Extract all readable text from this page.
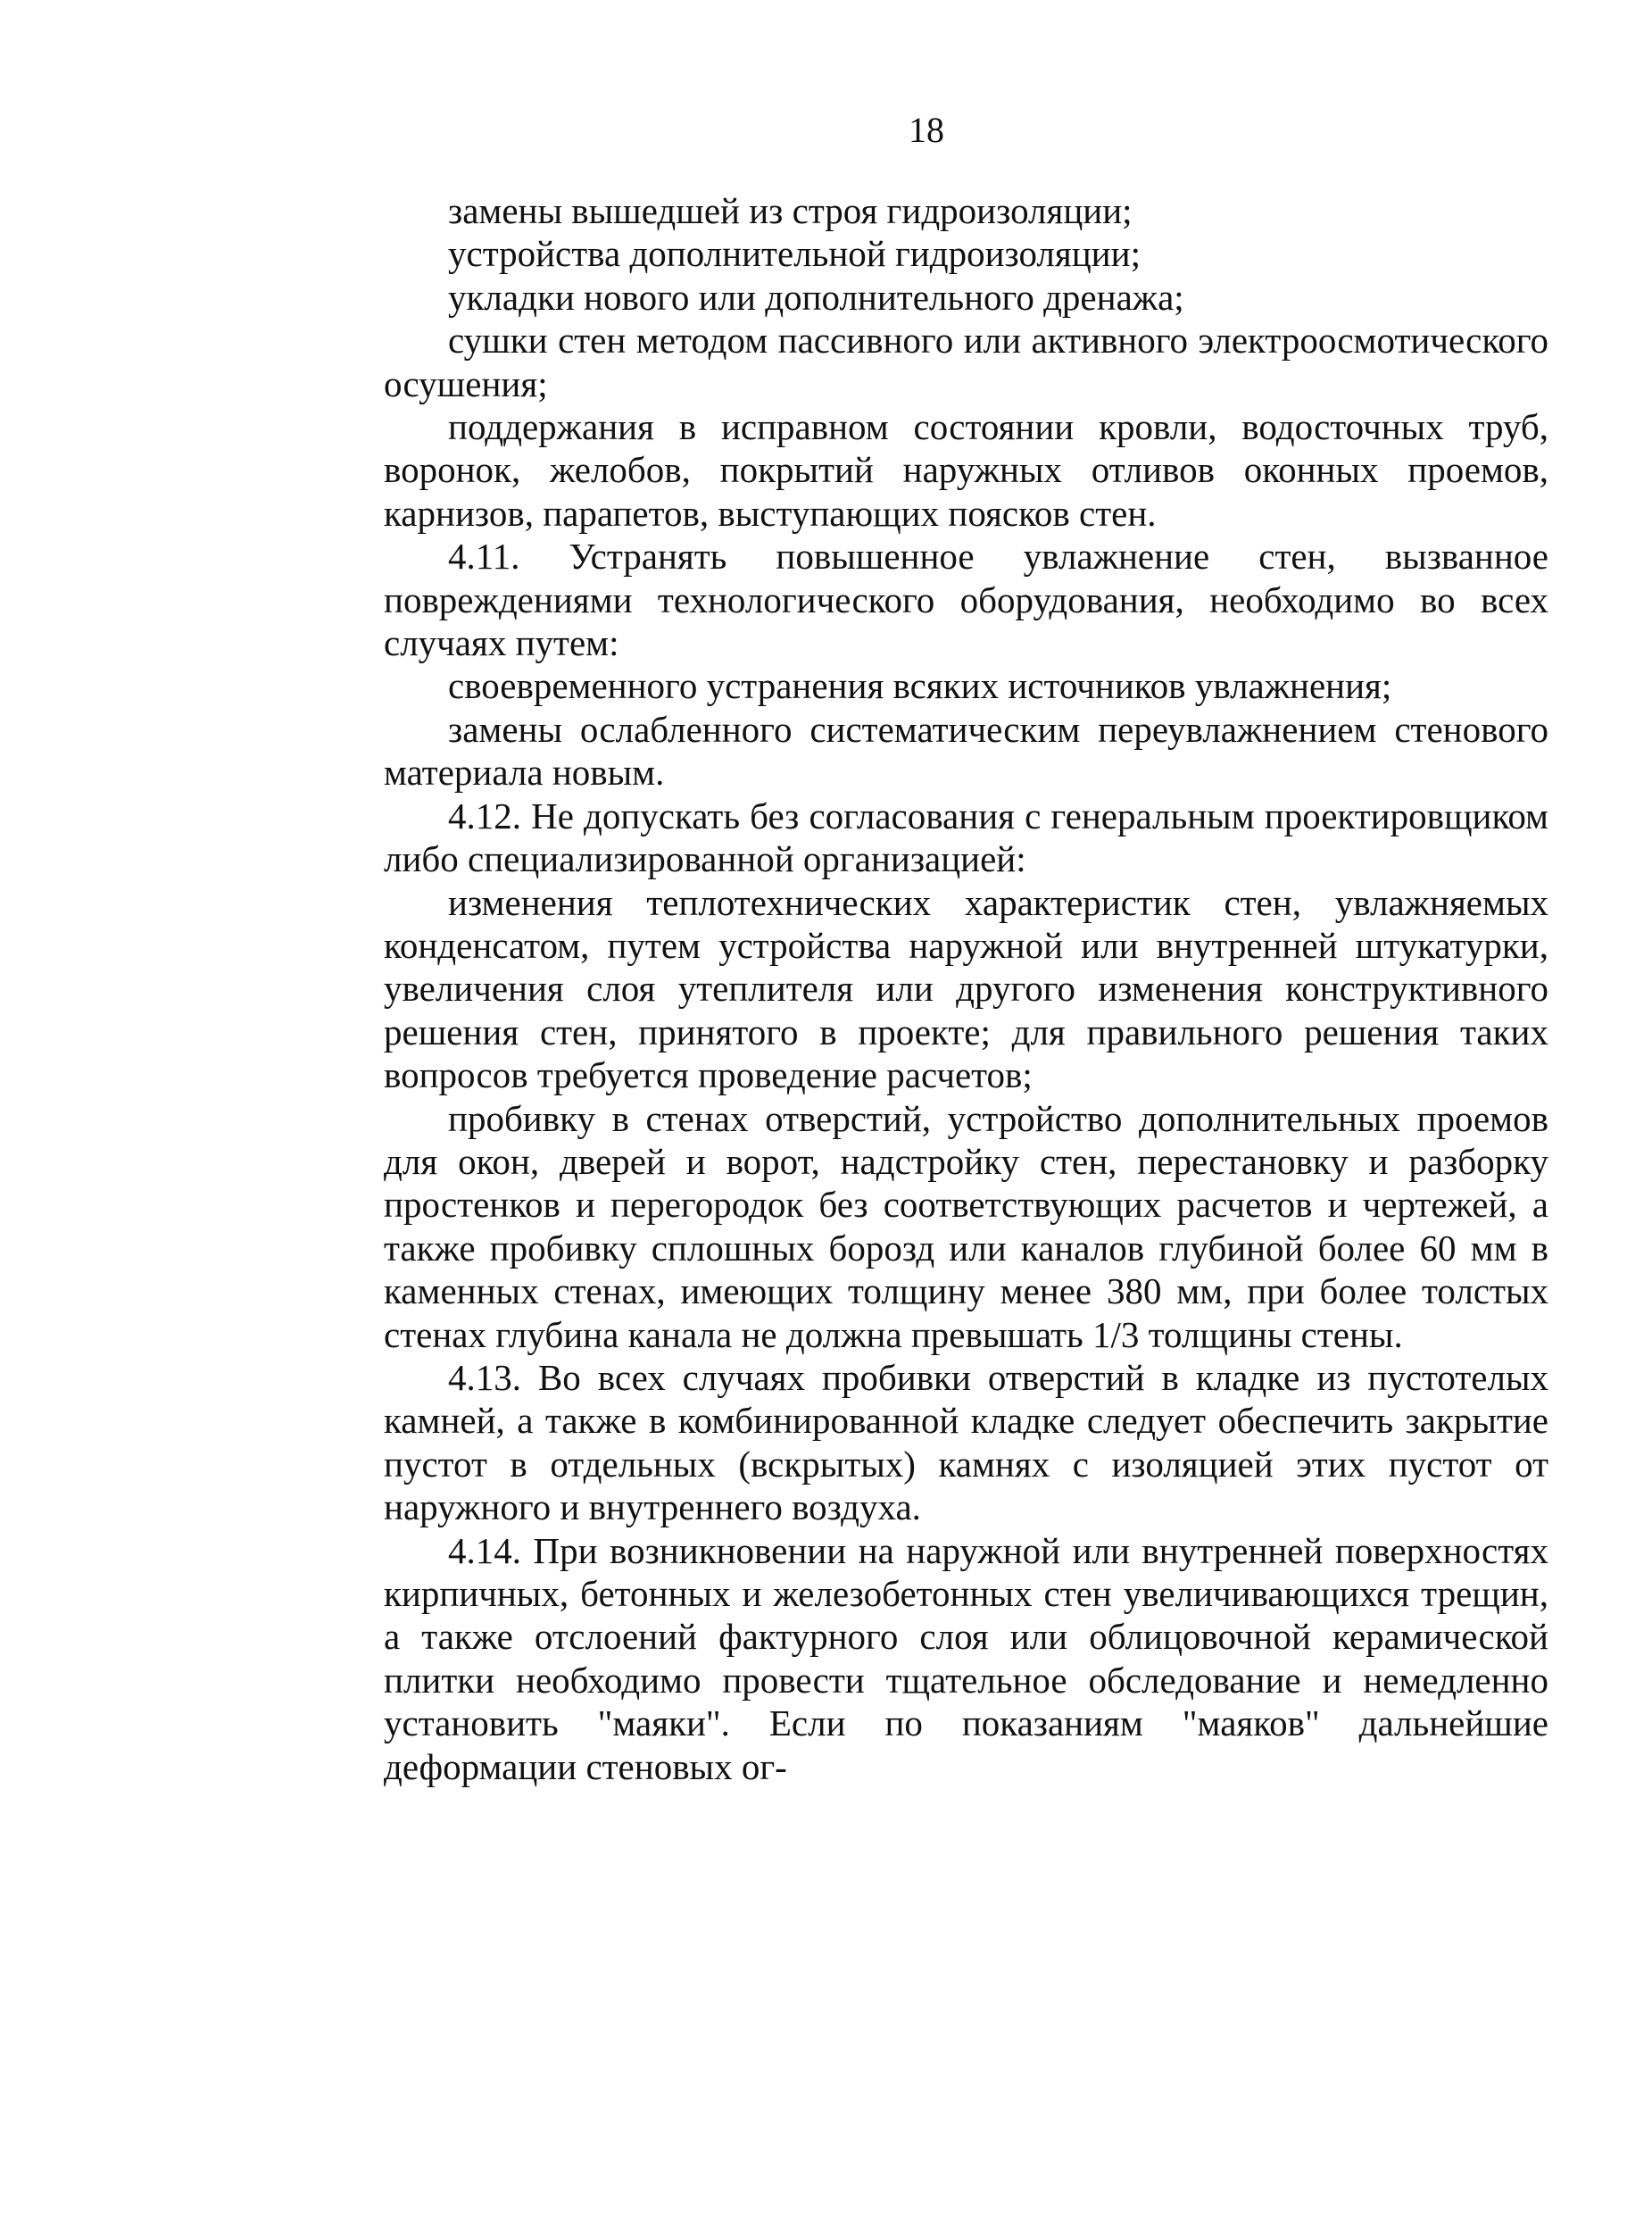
18

замены вышедшей из строя гидроизоляции;

устройства дополнительной гидроизоляции;

укладки нового или дополнительного дренажа;

сушки стен методом пассивного или активного электроосмотического осушения;

поддержания в исправном состоянии кровли, водосточных труб, воронок, желобов, покрытий наружных отливов оконных проемов, карнизов, парапетов, выступающих поясков стен.

4.11. Устранять повышенное увлажнение стен, вызванное повреждениями технологического оборудования, необходимо во всех случаях путем:

своевременного устранения всяких источников увлажнения;

замены ослабленного систематическим переувлажнением стенового материала новым.

4.12. Не допускать без согласования с генеральным проектировщиком либо специализированной организацией:

изменения теплотехнических характеристик стен, увлажняемых конденсатом, путем устройства наружной или внутренней штукатурки, увеличения слоя утеплителя или другого изменения конструктивного решения стен, принятого в проекте; для правильного решения таких вопросов требуется проведение расчетов;

пробивку в стенах отверстий, устройство дополнительных проемов для окон, дверей и ворот, надстройку стен, перестановку и разборку простенков и перегородок без соответствующих расчетов и чертежей, а также пробивку сплошных борозд или каналов глубиной более 60 мм в каменных стенах, имеющих толщину менее 380 мм, при более толстых стенах глубина канала не должна превышать 1/3 толщины стены.

4.13. Во всех случаях пробивки отверстий в кладке из пустотелых камней, а также в комбинированной кладке следует обеспечить закрытие пустот в отдельных (вскрытых) камнях с изоляцией этих пустот от наружного и внутреннего воздуха.

4.14. При возникновении на наружной или внутренней поверхностях кирпичных, бетонных и железобетонных стен увеличивающихся трещин, а также отслоений фактурного слоя или облицовочной керамической плитки необходимо провести тщательное обследование и немедленно установить "маяки". Если по показаниям "маяков" дальнейшие деформации стеновых ог-
